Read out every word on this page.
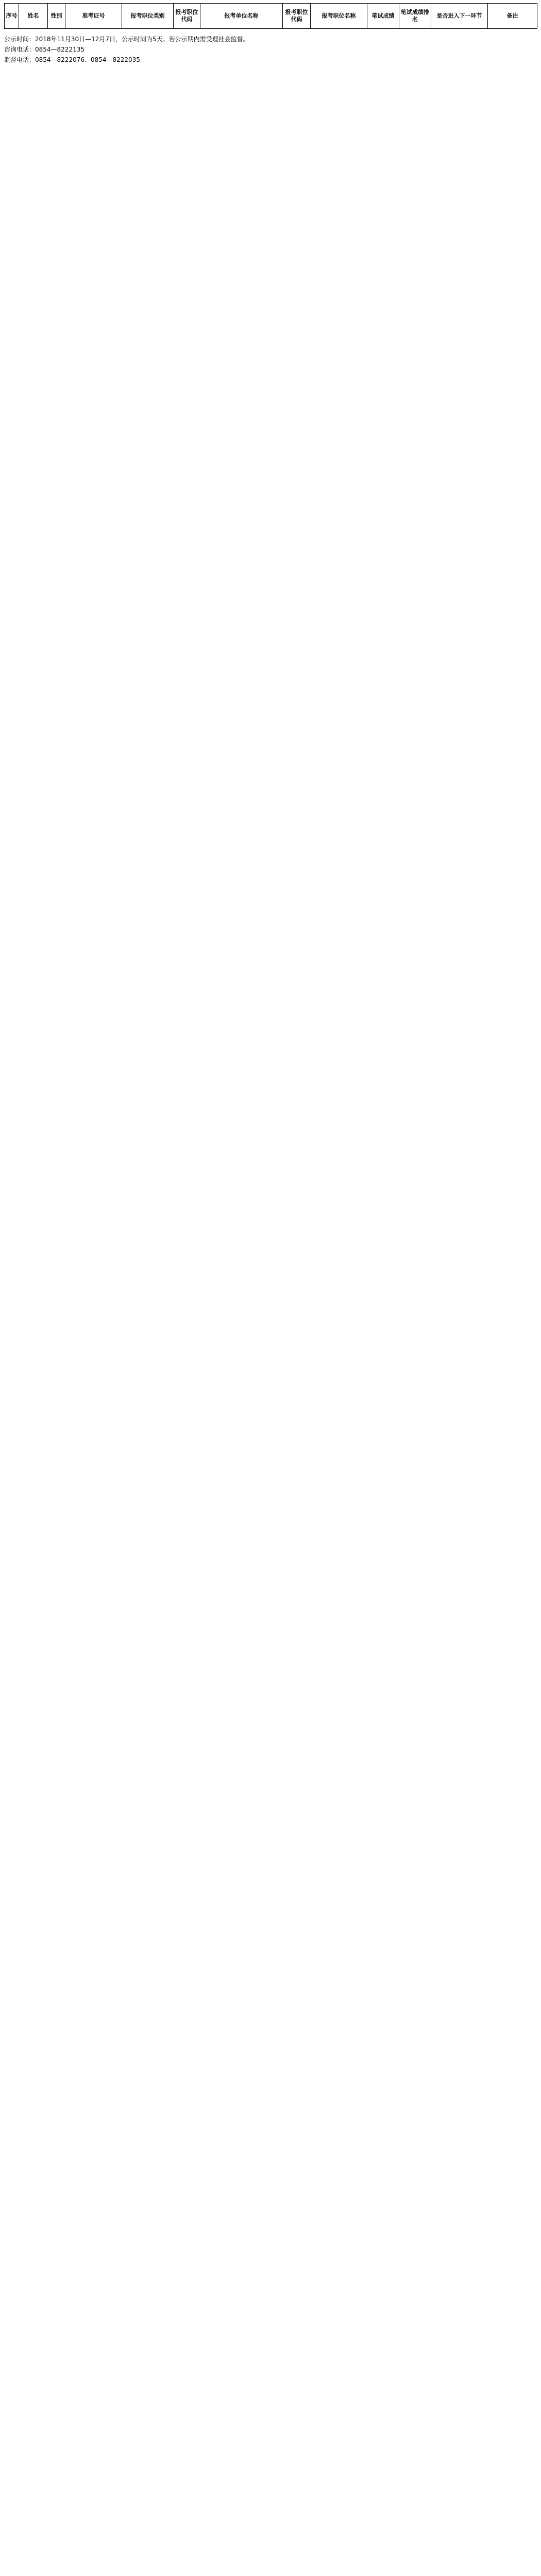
序号	姓名	性别	准考证号	报考职位类别	报考职位代码	报考单位名称	报考职位代码	报考职位名称	笔试成绩	笔试成绩排名	是否进入下一环节	备注
公示时间：2018年11月30日—12月7日，公示时间为5天。若公示期内需受理社会监督。
咨询电话：0854—8222135
监督电话：0854—8222076、0854—8222035
